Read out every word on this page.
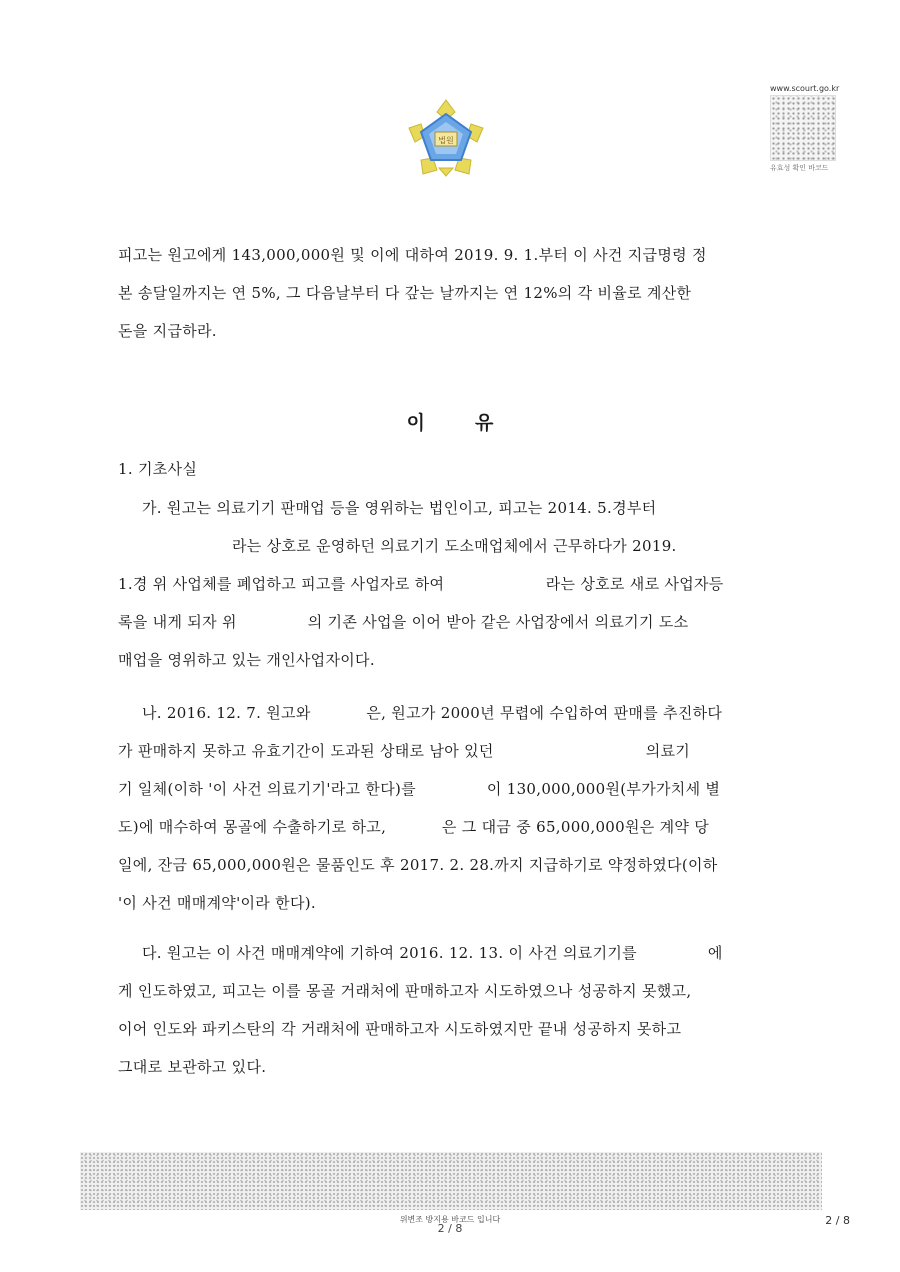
법원
www.scourt.go.kr
유효성 확인 바코드
피고는 원고에게 143,000,000원 및 이에 대하여 2019. 9. 1.부터 이 사건 지급명령 정
본 송달일까지는 연 5%, 그 다음날부터 다 갚는 날까지는 연 12%의 각 비율로 계산한
돈을 지급하라.
이	유
1. 기초사실
가. 원고는 의료기기 판매업 등을 영위하는 법인이고, 피고는 2014. 5.경부터
라는 상호로 운영하던 의료기기 도소매업체에서 근무하다가 2019.
1.경 위 사업체를 폐업하고 피고를 사업자로 하여                    라는 상호로 새로 사업자등
록을 내게 되자 위              의 기존 사업을 이어 받아 같은 사업장에서 의료기기 도소
매업을 영위하고 있는 개인사업자이다.
나. 2016. 12. 7. 원고와           은, 원고가 2000년 무렵에 수입하여 판매를 추진하다
가 판매하지 못하고 유효기간이 도과된 상태로 남아 있던                              의료기
기 일체(이하 '이 사건 의료기기'라고 한다)를              이 130,000,000원(부가가치세 별
도)에 매수하여 몽골에 수출하기로 하고,           은 그 대금 중 65,000,000원은 계약 당
일에, 잔금 65,000,000원은 물품인도 후 2017. 2. 28.까지 지급하기로 약정하였다(이하
'이 사건 매매계약'이라 한다).
다. 원고는 이 사건 매매계약에 기하여 2016. 12. 13. 이 사건 의료기기를              에
게 인도하였고, 피고는 이를 몽골 거래처에 판매하고자 시도하였으나 성공하지 못했고,
이어 인도와 파키스탄의 각 거래처에 판매하고자 시도하였지만 끝내 성공하지 못하고
그대로 보관하고 있다.
위변조 방지용 바코드 입니다
2 / 8
2 / 8
